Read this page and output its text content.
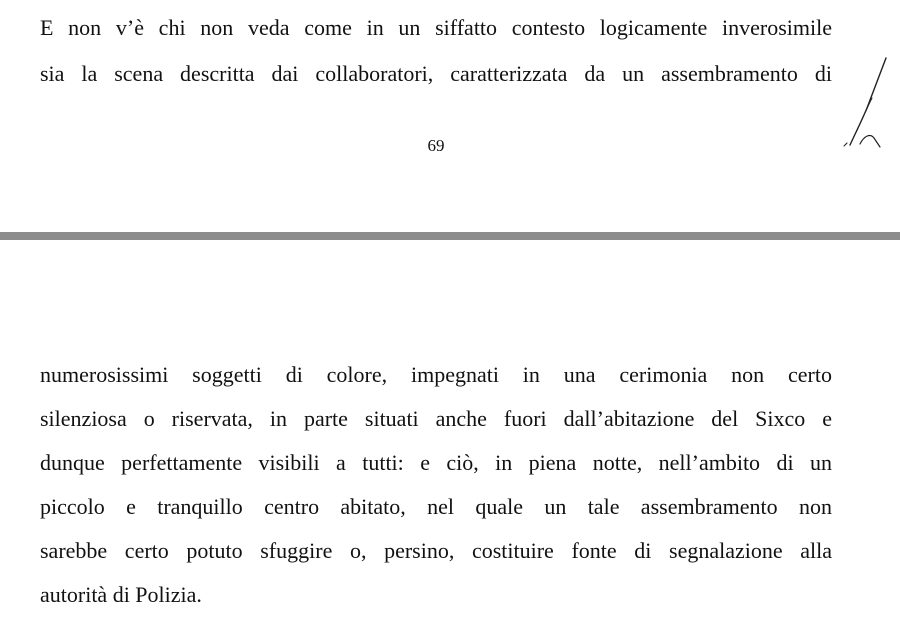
E non v’è chi non veda come in un siffatto contesto logicamente inverosimile
sia la scena descritta dai collaboratori, caratterizzata da un assembramento di
69
numerosissimi soggetti di colore, impegnati in una cerimonia non certo
silenziosa o riservata, in parte situati anche fuori dall’abitazione del Sixco e
dunque perfettamente visibili a tutti: e ciò, in piena notte, nell’ambito di un
piccolo e tranquillo centro abitato, nel quale un tale assembramento non
sarebbe certo potuto sfuggire o, persino, costituire fonte di segnalazione alla
autorità di Polizia.
